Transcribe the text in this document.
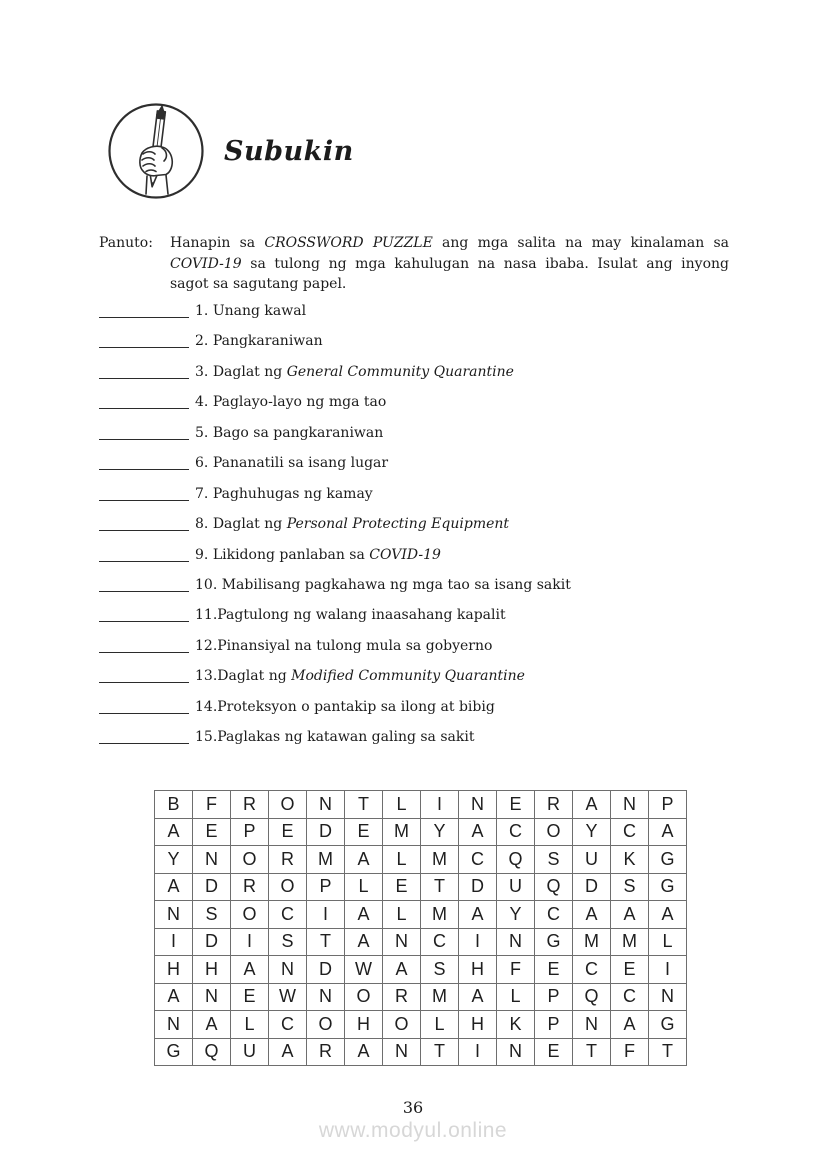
Subukin
Panuto: Hanapin sa CROSSWORD PUZZLE ang mga salita na may kinalaman sa
COVID-19 sa tulong ng mga kahulugan na nasa ibaba. Isulat ang inyong
sagot sa sagutang papel.
1. Unang kawal
2. Pangkaraniwan
3. Daglat ng General Community Quarantine
4. Paglayo-layo ng mga tao
5. Bago sa pangkaraniwan
6. Pananatili sa isang lugar
7. Paghuhugas ng kamay
8. Daglat ng Personal Protecting Equipment
9. Likidong panlaban sa COVID-19
10. Mabilisang pagkahawa ng mga tao sa isang sakit
11.Pagtulong ng walang inaasahang kapalit
12.Pinansiyal na tulong mula sa gobyerno
13.Daglat ng Modified Community Quarantine
14.Proteksyon o pantakip sa ilong at bibig
15.Paglakas ng katawan galing sa sakit
B	F	R	O	N	T	L	I	N	E	R	A	N	P
A	E	P	E	D	E	M	Y	A	C	O	Y	C	A
Y	N	O	R	M	A	L	M	C	Q	S	U	K	G
A	D	R	O	P	L	E	T	D	U	Q	D	S	G
N	S	O	C	I	A	L	M	A	Y	C	A	A	A
I	D	I	S	T	A	N	C	I	N	G	M	M	L
H	H	A	N	D	W	A	S	H	F	E	C	E	I
A	N	E	W	N	O	R	M	A	L	P	Q	C	N
N	A	L	C	O	H	O	L	H	K	P	N	A	G
G	Q	U	A	R	A	N	T	I	N	E	T	F	T
36
www.modyul.online
